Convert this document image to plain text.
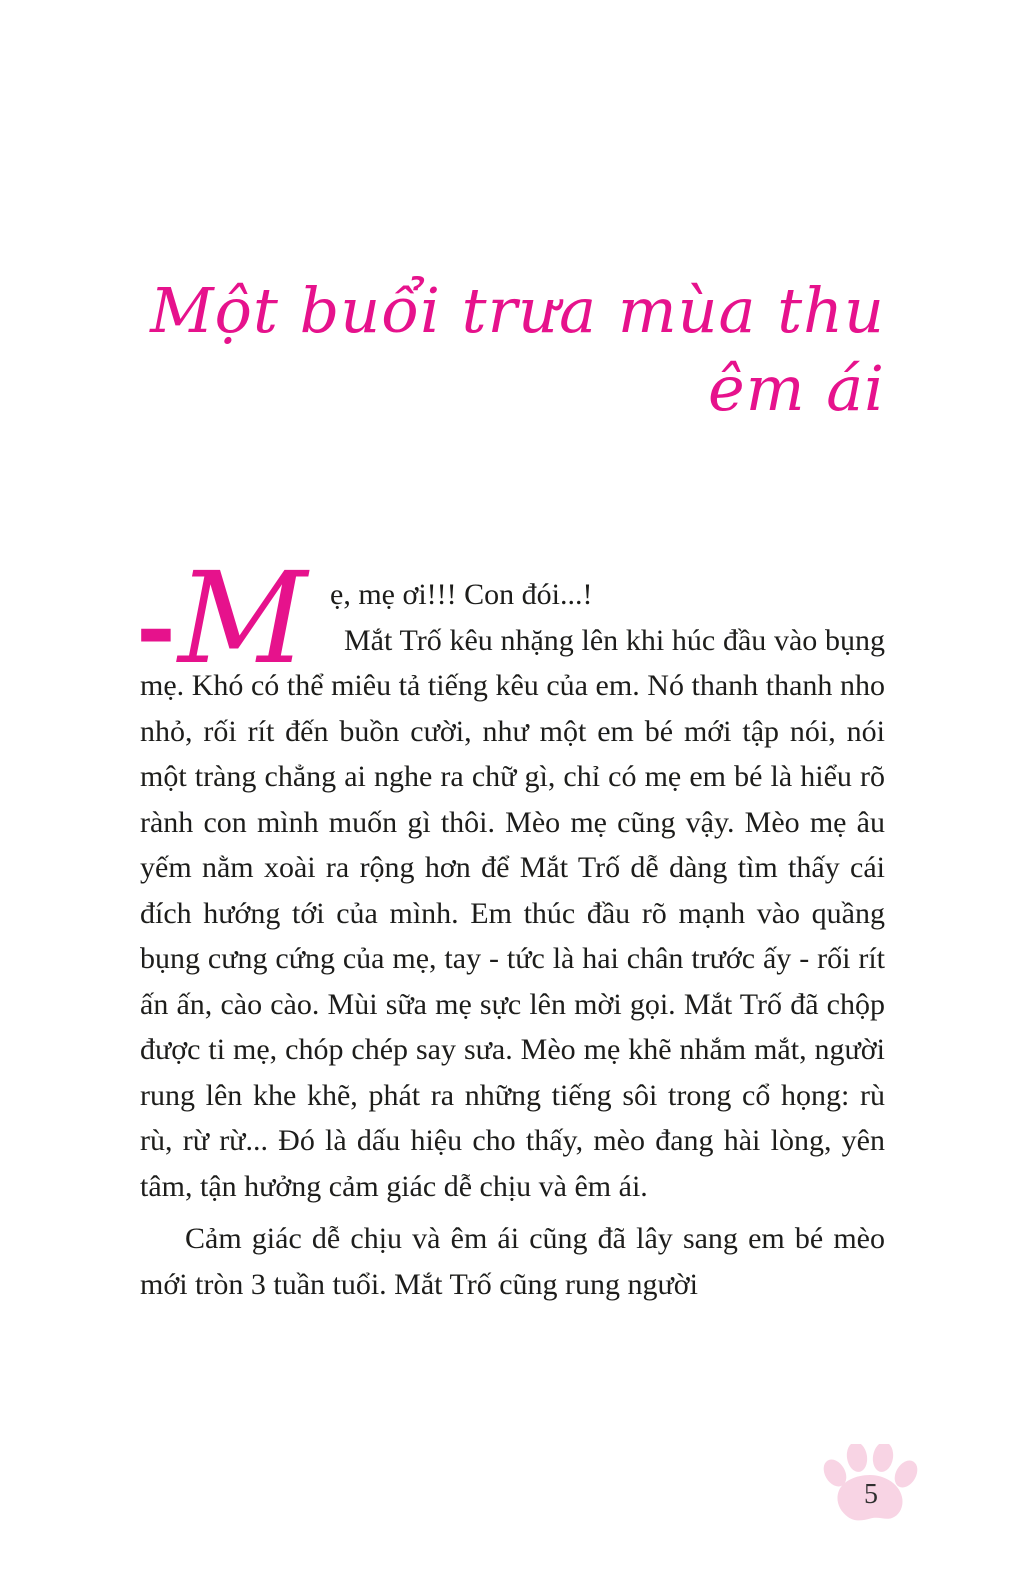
Một buổi trưa mùa thu
êm ái
- M ẹ, mẹ ơi!!! Con đói...!

Mắt Trố kêu nhặng lên khi húc đầu vào bụng mẹ. Khó có thể miêu tả tiếng kêu của em. Nó thanh thanh nho nhỏ, rối rít đến buồn cười, như một em bé mới tập nói, nói một tràng chẳng ai nghe ra chữ gì, chỉ có mẹ em bé là hiểu rõ rành con mình muốn gì thôi. Mèo mẹ cũng vậy. Mèo mẹ âu yếm nằm xoài ra rộng hơn để Mắt Trố dễ dàng tìm thấy cái đích hướng tới của mình. Em thúc đầu rõ mạnh vào quầng bụng cưng cứng của mẹ, tay - tức là hai chân trước ấy - rối rít ấn ấn, cào cào. Mùi sữa mẹ sực lên mời gọi. Mắt Trố đã chộp được ti mẹ, chóp chép say sưa. Mèo mẹ khẽ nhắm mắt, người rung lên khe khẽ, phát ra những tiếng sôi trong cổ họng: rù rù, rừ rừ... Đó là dấu hiệu cho thấy, mèo đang hài lòng, yên tâm, tận hưởng cảm giác dễ chịu và êm ái.

Cảm giác dễ chịu và êm ái cũng đã lây sang em bé mèo mới tròn 3 tuần tuổi. Mắt Trố cũng rung người

5
